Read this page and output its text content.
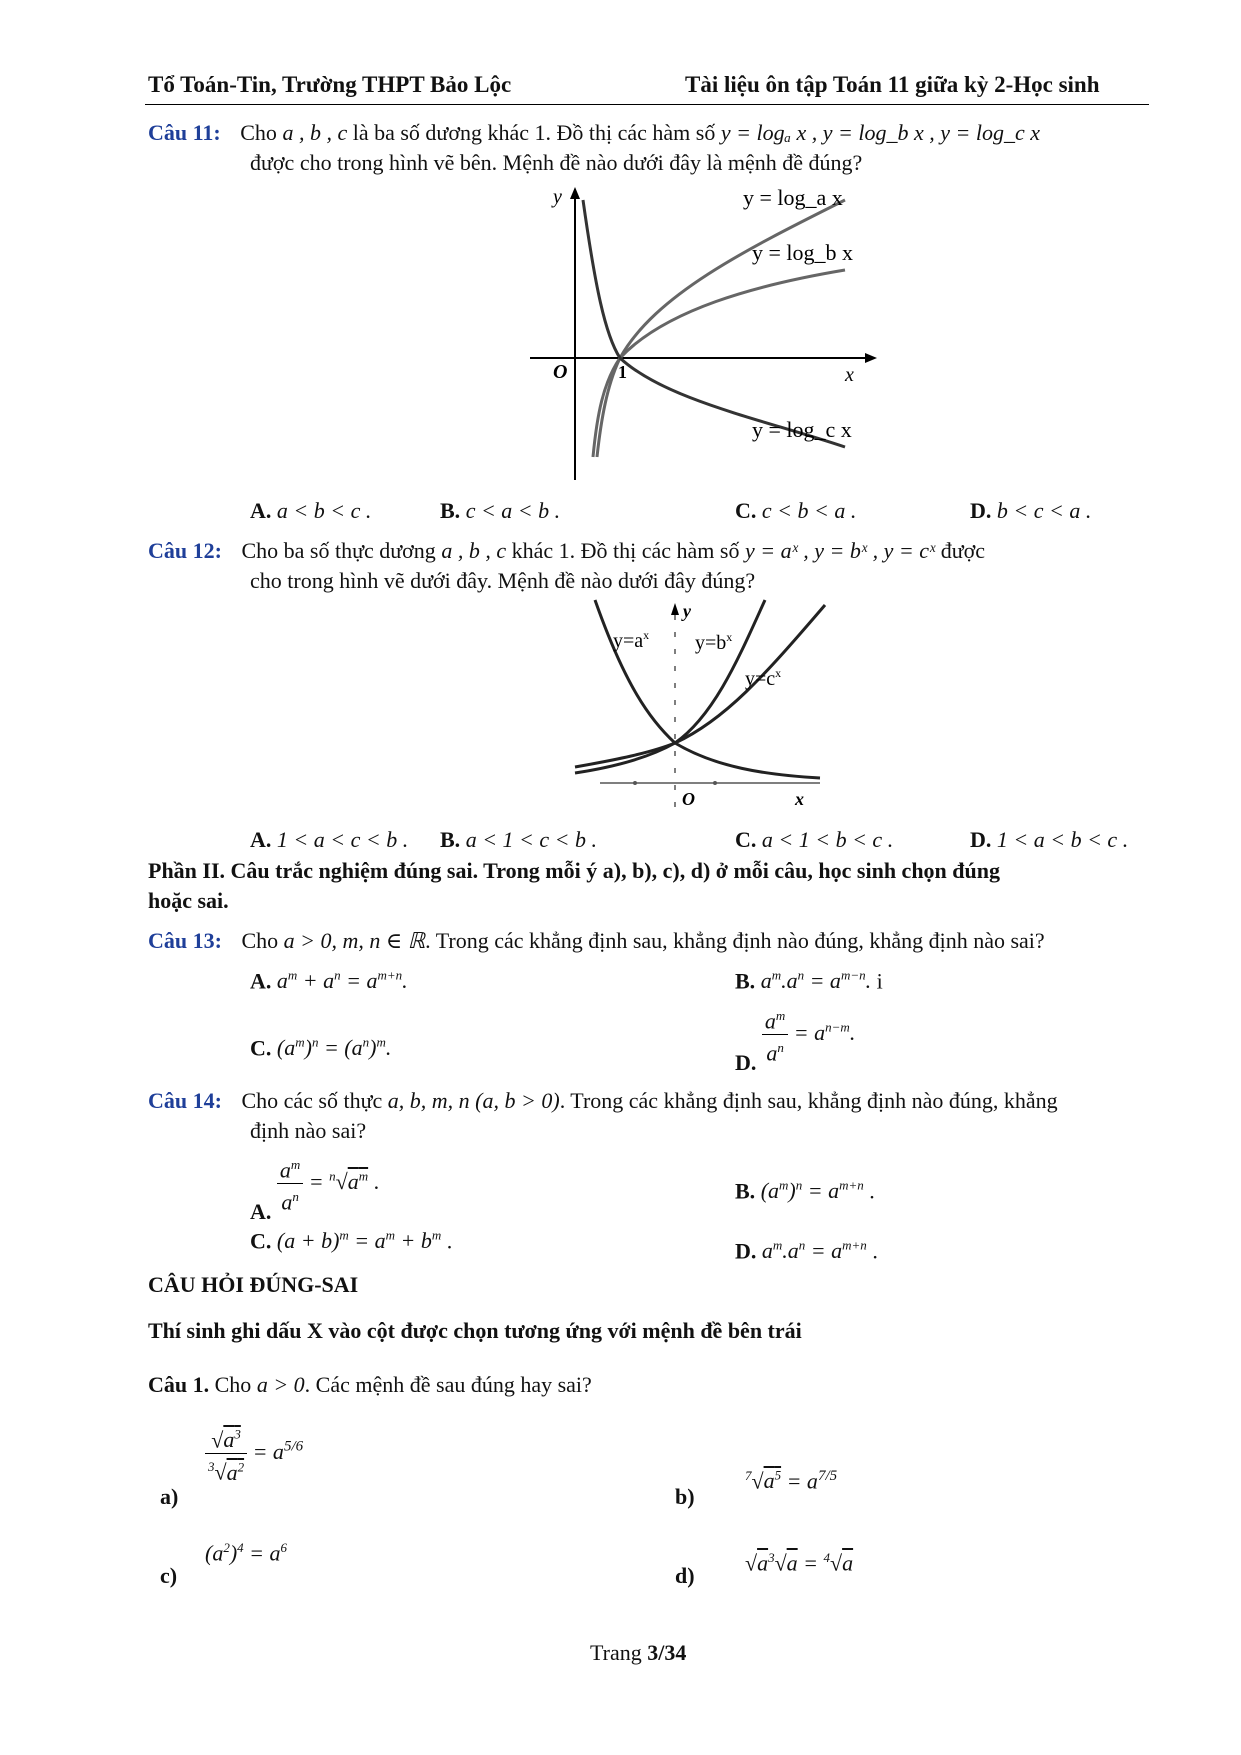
Tổ Toán-Tin, Trường THPT Bảo Lộc	Tài liệu ôn tập Toán 11 giữa kỳ 2-Học sinh
Câu 11: Cho a , b , c là ba số dương khác 1. Đồ thị các hàm số y = logₐ x , y = log_b x , y = log_c x
được cho trong hình vẽ bên. Mệnh đề nào dưới đây là mệnh đề đúng?
y
x
O	1
y = log_a x
y = log_b x
y = log_c x
A. a < b < c .	B. c < a < b .	C. c < b < a .	D. b < c < a .
Câu 12: Cho ba số thực dương a , b , c khác 1. Đồ thị các hàm số y = aˣ , y = bˣ , y = cˣ được
cho trong hình vẽ dưới đây. Mệnh đề nào dưới đây đúng?
y
x
O
$y=a^x$ $y=b^x$
$y=c^x$
A. 1 < a < c < b . B. a < 1 < c < b .	C. a < 1 < b < c .	D. 1 < a < b < c .
Phần II. Câu trắc nghiệm đúng sai. Trong mỗi ý a), b), c), d) ở mỗi câu, học sinh chọn đúng
hoặc sai.
Câu 13: Cho a > 0, m, n ∈ ℝ. Trong các khẳng định sau, khẳng định nào đúng, khẳng định nào sai?
A. $a^m + a^n = a^{m+n}$.	B. $a^m.a^n = a^{m-n}$. i
C. $(a^m)^n = (a^n)^m$.
D. $\frac{a^m}{a^n} = a^{n-m}$.
Câu 14: Cho các số thực a, b, m, n (a, b > 0). Trong các khẳng định sau, khẳng định nào đúng, khẳng
định nào sai?
A. $\frac{a^m}{a^n} = ^n√a^m$ .	B. $(a^m)^n = a^{m+n}$ .
C. $(a + b)^m = a^m + b^m$ .	D. $a^m.a^n = a^{m+n}$ .
CÂU HỎI ĐÚNG-SAI
Thí sinh ghi dấu X vào cột được chọn tương ứng với mệnh đề bên trái
Câu 1. Cho a > 0. Các mệnh đề sau đúng hay sai?
a)
$\frac{√a^3}{^3√a^2} = a^{5/6}$
b)
$^7√a^5 = a^{7/5}$
c)
$(a^2)^4 = a^6$
d)
$√a^3√a = ^4√a$
Trang 3/34
